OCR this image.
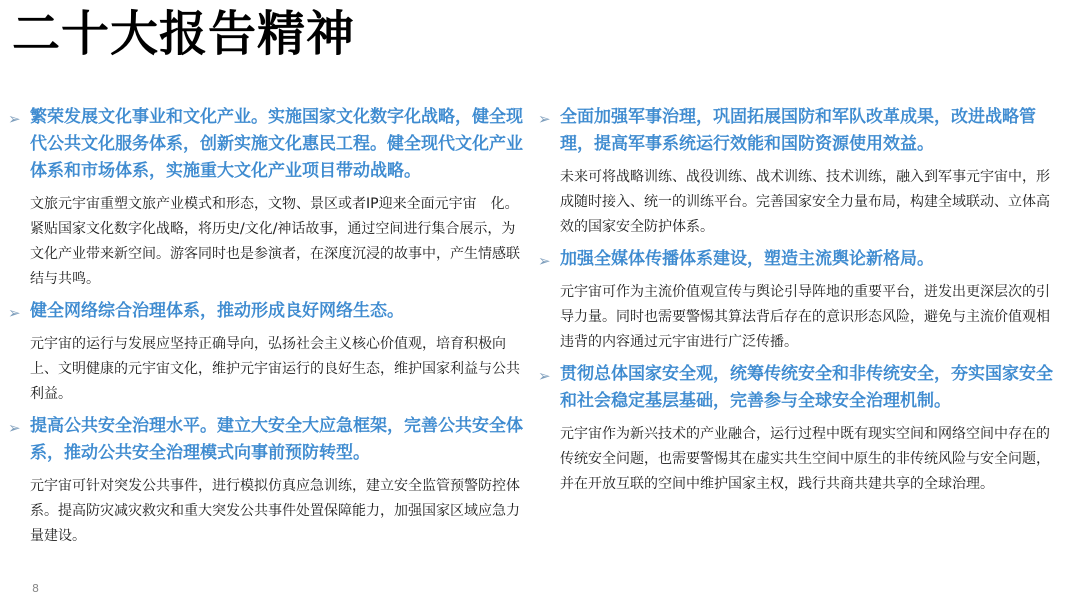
二十大报告精神
➢ 繁荣发展文化事业和文化产业。实施国家文化数字化战略，健全现代公共文化服务体系，创新实施文化惠民工程。健全现代文化产业体系和市场体系，实施重大文化产业项目带动战略。

文旅元宇宙重塑文旅产业模式和形态，文物、景区或者IP迎来全面元宇宙　化。紧贴国家文化数字化战略，将历史/文化/神话故事，通过空间进行集合展示，为文化产业带来新空间。游客同时也是参演者，在深度沉浸的故事中，产生情感联结与共鸣。
➢ 健全网络综合治理体系，推动形成良好网络生态。

元宇宙的运行与发展应坚持正确导向，弘扬社会主义核心价值观，培育积极向上、文明健康的元宇宙文化，维护元宇宙运行的良好生态，维护国家利益与公共利益。
➢ 提高公共安全治理水平。建立大安全大应急框架，完善公共安全体系，推动公共安全治理模式向事前预防转型。

元宇宙可针对突发公共事件，进行模拟仿真应急训练，建立安全监管预警防控体系。提高防灾减灾救灾和重大突发公共事件处置保障能力，加强国家区域应急力量建设。
➢ 全面加强军事治理，巩固拓展国防和军队改革成果，改进战略管理，提高军事系统运行效能和国防资源使用效益。

未来可将战略训练、战役训练、战术训练、技术训练，融入到军事元宇宙中，形成随时接入、统一的训练平台。完善国家安全力量布局，构建全域联动、立体高效的国家安全防护体系。
➢ 加强全媒体传播体系建设，塑造主流舆论新格局。

元宇宙可作为主流价值观宣传与舆论引导阵地的重要平台，迸发出更深层次的引导力量。同时也需要警惕其算法背后存在的意识形态风险，避免与主流价值观相违背的内容通过元宇宙进行广泛传播。
➢ 贯彻总体国家安全观，统筹传统安全和非传统安全，夯实国家安全和社会稳定基层基础，完善参与全球安全治理机制。

元宇宙作为新兴技术的产业融合，运行过程中既有现实空间和网络空间中存在的传统安全问题，也需要警惕其在虚实共生空间中原生的非传统风险与安全问题，并在开放互联的空间中维护国家主权，践行共商共建共享的全球治理。
8
